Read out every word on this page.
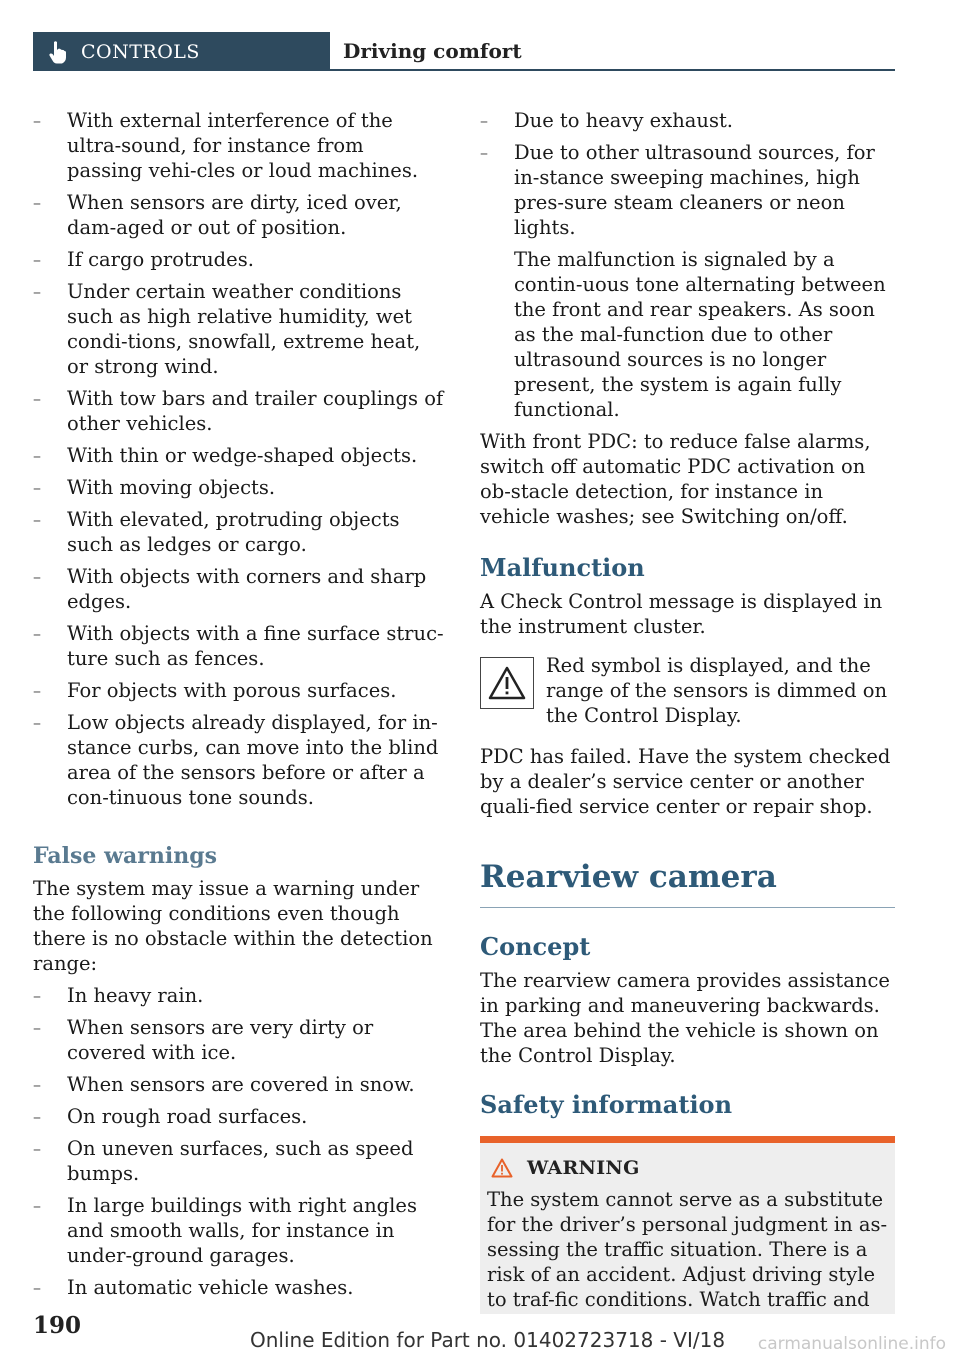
CONTROLS	Driving comfort
– With external interference of the ultra-sound, for instance from passing vehi-cles or loud machines.
– When sensors are dirty, iced over, dam-aged or out of position.
– If cargo protrudes.
– Under certain weather conditions such as high relative humidity, wet condi-tions, snowfall, extreme heat, or strong wind.
– With tow bars and trailer couplings of other vehicles.
– With thin or wedge-shaped objects.
– With moving objects.
– With elevated, protruding objects such as ledges or cargo.
– With objects with corners and sharp edges.
– With objects with a fine surface struc-ture such as fences.
– For objects with porous surfaces.
– Low objects already displayed, for in-stance curbs, can move into the blind area of the sensors before or after a con-tinuous tone sounds.
False warnings

The system may issue a warning under the following conditions even though there is no obstacle within the detection range:

– In heavy rain.
– When sensors are very dirty or covered with ice.
– When sensors are covered in snow.
– On rough road surfaces.
– On uneven surfaces, such as speed bumps.
– In large buildings with right angles and smooth walls, for instance in under-ground garages.
– In automatic vehicle washes.
– Due to heavy exhaust.
– Due to other ultrasound sources, for in-stance sweeping machines, high pres-sure steam cleaners or neon lights.

The malfunction is signaled by a contin-uous tone alternating between the front and rear speakers. As soon as the mal-function due to other ultrasound sources is no longer present, the system is again fully functional.

With front PDC: to reduce false alarms, switch off automatic PDC activation on ob-stacle detection, for instance in vehicle washes; see Switching on/off.

Malfunction

A Check Control message is displayed in the instrument cluster.

Red symbol is displayed, and the range of the sensors is dimmed on the Control Display.

PDC has failed. Have the system checked by a dealer’s service center or another quali-fied service center or repair shop.

Rearview camera
Concept

The rearview camera provides assistance in parking and maneuvering backwards. The area behind the vehicle is shown on the Control Display.

Safety information
WARNING

The system cannot serve as a substitute for the driver’s personal judgment in as-sessing the traffic situation. There is a risk of an accident. Adjust driving style to traf-fic conditions. Watch traffic and

190
Online Edition for Part no. 01402723718 - VI/18 carmanualsonline.info
